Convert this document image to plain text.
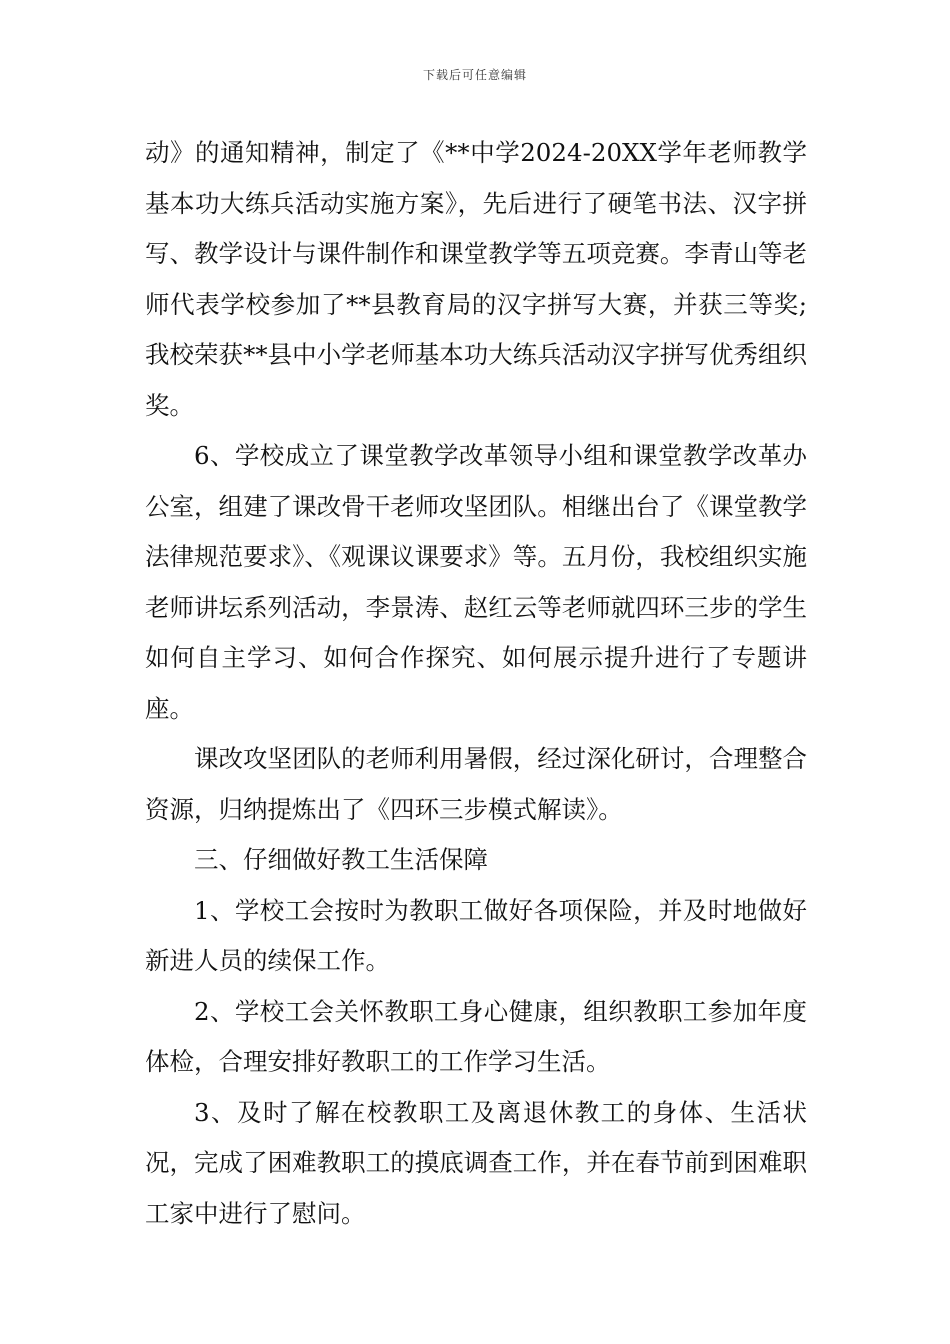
下载后可任意编辑

动》的通知精神，制定了《**中学2024-20XX学年老师教学基本功大练兵活动实施方案》，先后进行了硬笔书法、汉字拼写、教学设计与课件制作和课堂教学等五项竞赛。李青山等老师代表学校参加了**县教育局的汉字拼写大赛，并获三等奖;我校荣获**县中小学老师基本功大练兵活动汉字拼写优秀组织奖。

6、学校成立了课堂教学改革领导小组和课堂教学改革办公室，组建了课改骨干老师攻坚团队。相继出台了《课堂教学法律规范要求》、《观课议课要求》等。五月份，我校组织实施老师讲坛系列活动，李景涛、赵红云等老师就四环三步的学生如何自主学习、如何合作探究、如何展示提升进行了专题讲座。

课改攻坚团队的老师利用暑假，经过深化研讨，合理整合资源，归纳提炼出了《四环三步模式解读》。

三、仔细做好教工生活保障

1、学校工会按时为教职工做好各项保险，并及时地做好新进人员的续保工作。

2、学校工会关怀教职工身心健康，组织教职工参加年度体检，合理安排好教职工的工作学习生活。

3、及时了解在校教职工及离退休教工的身体、生活状况，完成了困难教职工的摸底调查工作，并在春节前到困难职工家中进行了慰问。
